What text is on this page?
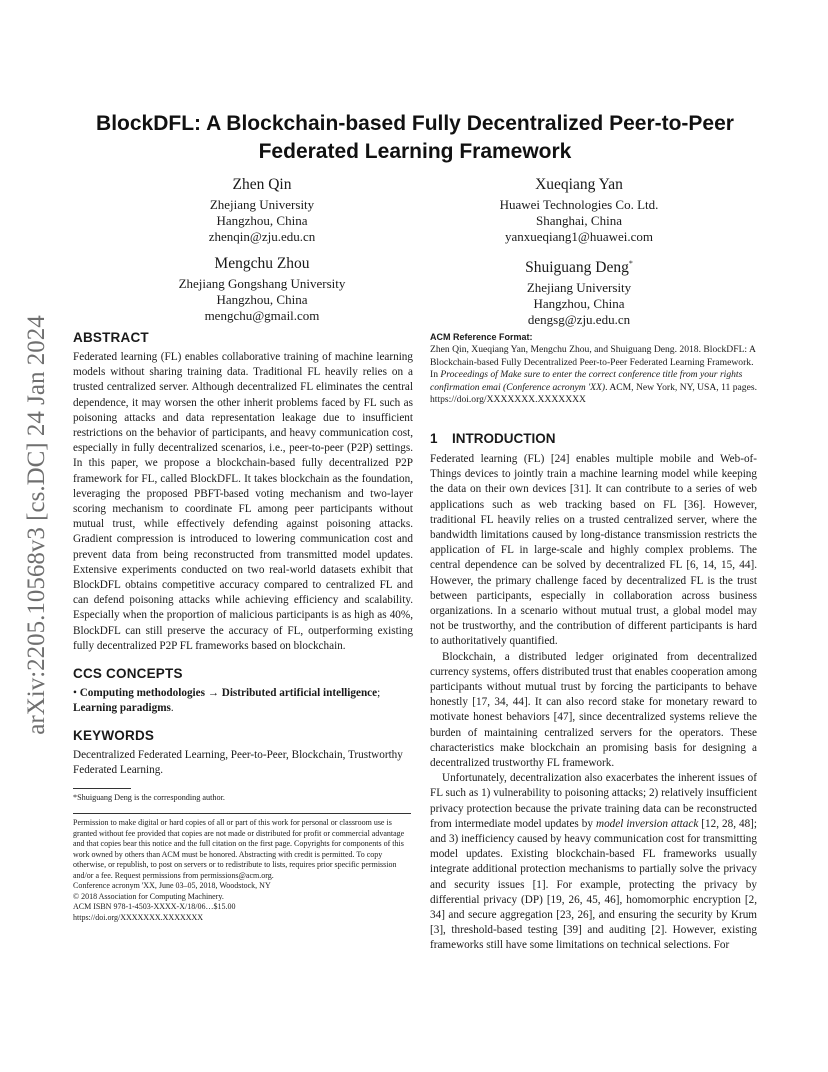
arXiv:2205.10568v3 [cs.DC] 24 Jan 2024
BlockDFL: A Blockchain-based Fully Decentralized Peer-to-Peer Federated Learning Framework
Zhen Qin
Zhejiang University
Hangzhou, China
zhenqin@zju.edu.cn
Xueqiang Yan
Huawei Technologies Co. Ltd.
Shanghai, China
yanxueqiang1@huawei.com
Mengchu Zhou
Zhejiang Gongshang University
Hangzhou, China
mengchu@gmail.com
Shuiguang Deng*
Zhejiang University
Hangzhou, China
dengsg@zju.edu.cn
ABSTRACT

Federated learning (FL) enables collaborative training of machine learning models without sharing training data. Traditional FL heavily relies on a trusted centralized server. Although decentralized FL eliminates the central dependence, it may worsen the other inherit problems faced by FL such as poisoning attacks and data representation leakage due to insufficient restrictions on the behavior of participants, and heavy communication cost, especially in fully decentralized scenarios, i.e., peer-to-peer (P2P) settings. In this paper, we propose a blockchain-based fully decentralized P2P framework for FL, called BlockDFL. It takes blockchain as the foundation, leveraging the proposed PBFT-based voting mechanism and two-layer scoring mechanism to coordinate FL among peer participants without mutual trust, while effectively defending against poisoning attacks. Gradient compression is introduced to lowering communication cost and prevent data from being reconstructed from transmitted model updates. Extensive experiments conducted on two real-world datasets exhibit that BlockDFL obtains competitive accuracy compared to centralized FL and can defend poisoning attacks while achieving efficiency and scalability. Especially when the proportion of malicious participants is as high as 40%, BlockDFL can still preserve the accuracy of FL, outperforming existing fully decentralized P2P FL frameworks based on blockchain.

CCS CONCEPTS

• Computing methodologies → Distributed artificial intelligence; Learning paradigms.

KEYWORDS

Decentralized Federated Learning, Peer-to-Peer, Blockchain, Trustworthy Federated Learning.

*Shuiguang Deng is the corresponding author.

Permission to make digital or hard copies of all or part of this work for personal or classroom use is granted without fee provided that copies are not made or distributed for profit or commercial advantage and that copies bear this notice and the full citation on the first page. Copyrights for components of this work owned by others than ACM must be honored. Abstracting with credit is permitted. To copy otherwise, or republish, to post on servers or to redistribute to lists, requires prior specific permission and/or a fee. Request permissions from permissions@acm.org.

Conference acronym 'XX, June 03–05, 2018, Woodstock, NY

© 2018 Association for Computing Machinery.

ACM ISBN 978-1-4503-XXXX-X/18/06…$15.00

https://doi.org/XXXXXXX.XXXXXXX

ACM Reference Format:

Zhen Qin, Xueqiang Yan, Mengchu Zhou, and Shuiguang Deng. 2018. BlockDFL: A Blockchain-based Fully Decentralized Peer-to-Peer Federated Learning Framework. In Proceedings of Make sure to enter the correct conference title from your rights confirmation emai (Conference acronym 'XX). ACM, New York, NY, USA, 11 pages. https://doi.org/XXXXXXX.XXXXXXX

1 INTRODUCTION

Federated learning (FL) [24] enables multiple mobile and Web-of-Things devices to jointly train a machine learning model while keeping the data on their own devices [31]. It can contribute to a series of web applications such as web tracking based on FL [36]. However, traditional FL heavily relies on a trusted centralized server, where the bandwidth limitations caused by long-distance transmission restricts the application of FL in large-scale and highly complex problems. The central dependence can be solved by decentralized FL [6, 14, 15, 44]. However, the primary challenge faced by decentralized FL is the trust between participants, especially in collaboration across business organizations. In a scenario without mutual trust, a global model may not be trustworthy, and the contribution of different participants is hard to authoritatively quantified.

Blockchain, a distributed ledger originated from decentralized currency systems, offers distributed trust that enables cooperation among participants without mutual trust by forcing the participants to behave honestly [17, 34, 44]. It can also record stake for monetary reward to motivate honest behaviors [47], since decentralized systems relieve the burden of maintaining centralized servers for the operators. These characteristics make blockchain an promising basis for designing a decentralized trustworthy FL framework.

Unfortunately, decentralization also exacerbates the inherent issues of FL such as 1) vulnerability to poisoning attacks; 2) relatively insufficient privacy protection because the private training data can be reconstructed from intermediate model updates by model inversion attack [12, 28, 48]; and 3) inefficiency caused by heavy communication cost for transmitting model updates. Existing blockchain-based FL frameworks usually integrate additional protection mechanisms to partially solve the privacy and security issues [1]. For example, protecting the privacy by differential privacy (DP) [19, 26, 45, 46], homomorphic encryption [2, 34] and secure aggregation [23, 26], and ensuring the security by Krum [3], threshold-based testing [39] and auditing [2]. However, existing frameworks still have some limitations on technical selections. For
